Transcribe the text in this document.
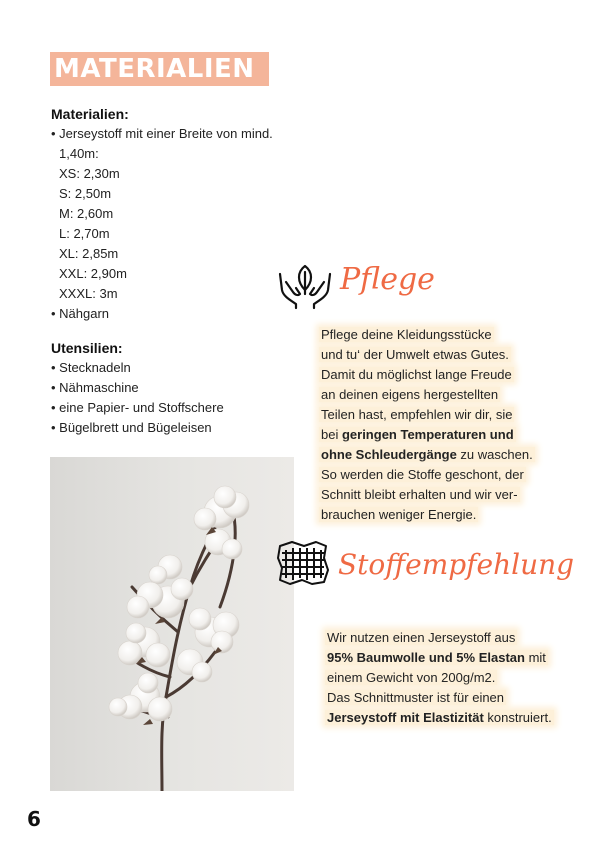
MATERIALIEN
Materialien:
• Jerseystoff mit einer Breite von mind.
1,40m:
XS: 2,30m
S: 2,50m
M: 2,60m
L: 2,70m
XL: 2,85m
XXL: 2,90m
XXXL: 3m
• Nähgarn
Utensilien:
• Stecknadeln
• Nähmaschine
• eine Papier- und Stoffschere
• Bügelbrett und Bügeleisen
Pflege
Pflege deine Kleidungsstücke
und tu‘ der Umwelt etwas Gutes.
Damit du möglichst lange Freude
an deinen eigens hergestellten
Teilen hast, empfehlen wir dir, sie
bei geringen Temperaturen und
ohne Schleudergänge zu waschen.
So werden die Stoffe geschont, der
Schnitt bleibt erhalten und wir ver-
brauchen weniger Energie.
Stoffempfehlung
Wir nutzen einen Jerseystoff aus
95% Baumwolle und 5% Elastan mit
einem Gewicht von 200g/m2.
Das Schnittmuster ist für einen
Jerseystoff mit Elastizität konstruiert.
6
